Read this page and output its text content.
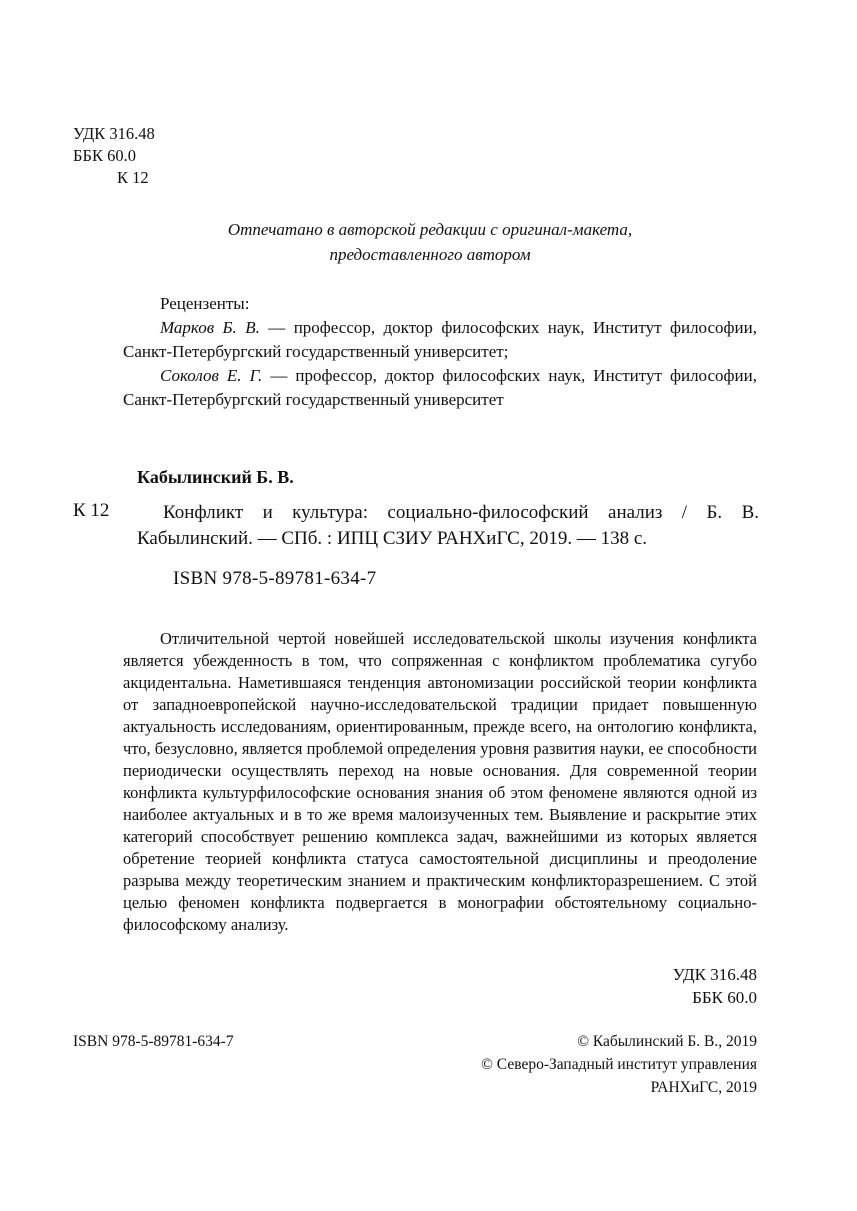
УДК 316.48
ББК 60.0
К 12
Отпечатано в авторской редакции с оригинал-макета,
предоставленного автором
Рецензенты:

Марков Б. В. — профессор, доктор философских наук, Институт философии, Санкт-Петербургский государственный университет;

Соколов Е. Г. — профессор, доктор философских наук, Институт философии, Санкт-Петербургский государственный университет

Кабылинский Б. В.
К 12	Конфликт и культура: социально-философский анализ / Б. В. Кабылинский. — СПб. : ИПЦ СЗИУ РАНХиГС, 2019. — 138 с.

ISBN 978-5-89781-634-7

Отличительной чертой новейшей исследовательской школы изучения конфликта является убежденность в том, что сопряженная с конфликтом проблематика сугубо акцидентальна. Наметившаяся тенденция автономизации российской теории конфликта от западноевропейской научно-исследовательской традиции придает повышенную актуальность исследованиям, ориентированным, прежде всего, на онтологию конфликта, что, безусловно, является проблемой определения уровня развития науки, ее способности периодически осуществлять переход на новые основания. Для современной теории конфликта культурфилософские основания знания об этом феномене являются одной из наиболее актуальных и в то же время малоизученных тем. Выявление и раскрытие этих категорий способствует решению комплекса задач, важнейшими из которых является обретение теорией конфликта статуса самостоятельной дисциплины и преодоление разрыва между теоретическим знанием и практическим конфликторазрешением. С этой целью феномен конфликта подвергается в монографии обстоятельному социально-философскому анализу.

УДК 316.48
ББК 60.0
ISBN 978-5-89781-634-7	© Кабылинский Б. В., 2019
© Северо-Западный институт управления
РАНХиГС, 2019
